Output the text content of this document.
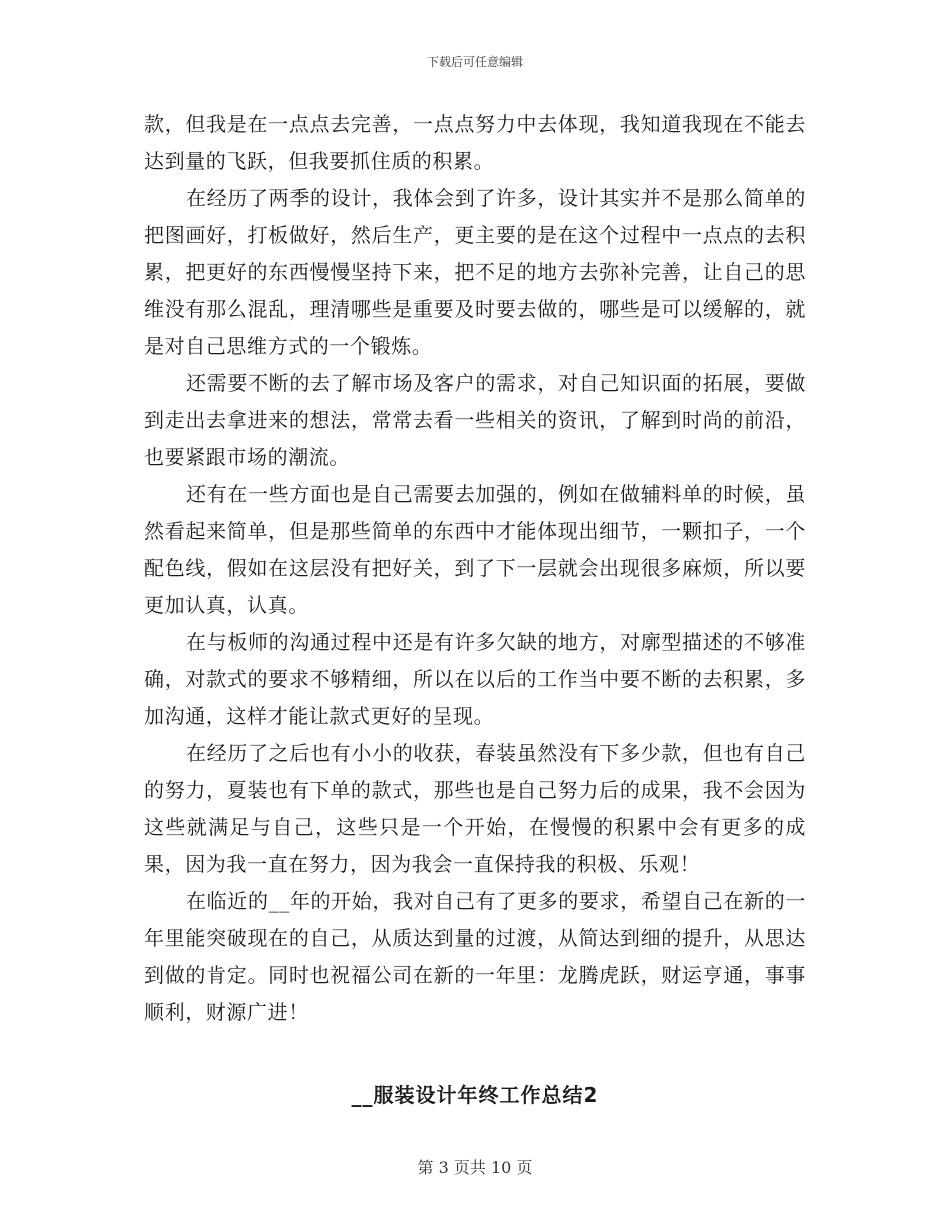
下载后可任意编辑

款，但我是在一点点去完善，一点点努力中去体现，我知道我现在不能去达到量的飞跃，但我要抓住质的积累。

在经历了两季的设计，我体会到了许多，设计其实并不是那么简单的把图画好，打板做好，然后生产，更主要的是在这个过程中一点点的去积累，把更好的东西慢慢坚持下来，把不足的地方去弥补完善，让自己的思维没有那么混乱，理清哪些是重要及时要去做的，哪些是可以缓解的，就是对自己思维方式的一个锻炼。

还需要不断的去了解市场及客户的需求，对自己知识面的拓展，要做到走出去拿进来的想法，常常去看一些相关的资讯，了解到时尚的前沿，也要紧跟市场的潮流。

还有在一些方面也是自己需要去加强的，例如在做辅料单的时候，虽然看起来简单，但是那些简单的东西中才能体现出细节，一颗扣子，一个配色线，假如在这层没有把好关，到了下一层就会出现很多麻烦，所以要更加认真，认真。

在与板师的沟通过程中还是有许多欠缺的地方，对廓型描述的不够准确，对款式的要求不够精细，所以在以后的工作当中要不断的去积累，多加沟通，这样才能让款式更好的呈现。

在经历了之后也有小小的收获，春装虽然没有下多少款，但也有自己的努力，夏装也有下单的款式，那些也是自己努力后的成果，我不会因为这些就满足与自己，这些只是一个开始，在慢慢的积累中会有更多的成果，因为我一直在努力，因为我会一直保持我的积极、乐观！

在临近的__年的开始，我对自己有了更多的要求，希望自己在新的一年里能突破现在的自己，从质达到量的过渡，从简达到细的提升，从思达到做的肯定。同时也祝福公司在新的一年里：龙腾虎跃，财运亨通，事事顺利，财源广进！

__服装设计年终工作总结2
第 3 页共 10 页
